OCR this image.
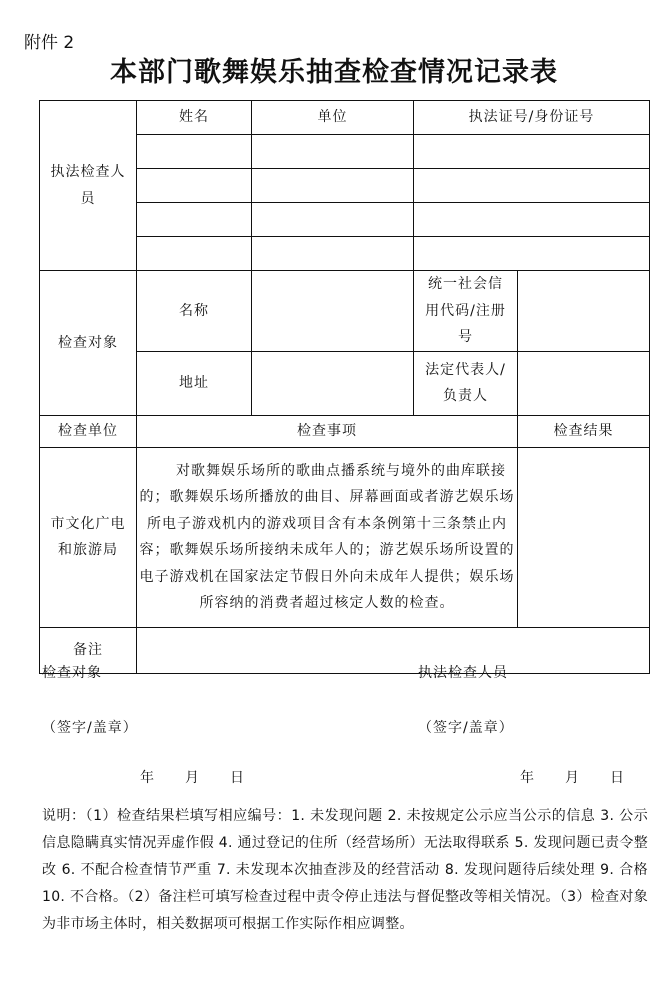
附件 2
本部门歌舞娱乐抽查检查情况记录表
执法检查人员	姓名	单位	执法证号/身份证号	

检查对象	名称		统一社会信用代码/注册号	
	地址		法定代表人/负责人	
检查单位	检查事项			检查结果
市文化广电和旅游局	对歌舞娱乐场所的歌曲点播系统与境外的曲库联接的；歌舞娱乐场所播放的曲目、屏幕画面或者游艺娱乐场所电子游戏机内的游戏项目含有本条例第十三条禁止内容；歌舞娱乐场所接纳未成年人的；游艺娱乐场所设置的电子游戏机在国家法定节假日外向未成年人提供；娱乐场所容纳的消费者超过核定人数的检查。			
备注				
检查对象	执法检查人员
（签字/盖章）	（签字/盖章）
年　　月　　日	年　　月　　日
说明：（1）检查结果栏填写相应编号：1. 未发现问题 2. 未按规定公示应当公示的信息 3. 公示信息隐瞒真实情况弄虚作假 4. 通过登记的住所（经营场所）无法取得联系 5. 发现问题已责令整改 6. 不配合检查情节严重 7. 未发现本次抽查涉及的经营活动 8. 发现问题待后续处理 9. 合格 10. 不合格。（2）备注栏可填写检查过程中责令停止违法与督促整改等相关情况。（3）检查对象为非市场主体时，相关数据项可根据工作实际作相应调整。
